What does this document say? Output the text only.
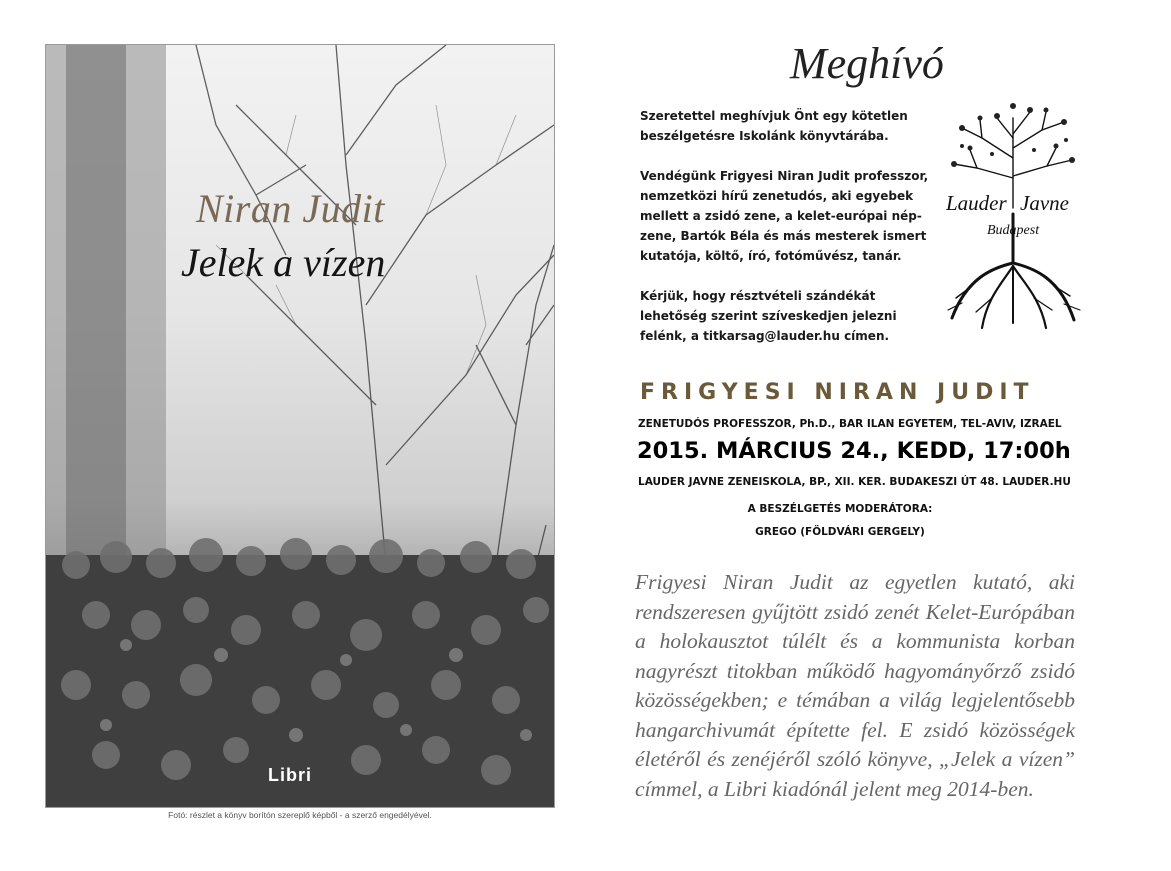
Niran Judit
Jelek a vízen
Libri
Fotó: részlet a könyv borítón szereplő képből - a szerző engedélyével.
Meghívó
Szeretettel meghívjuk Önt egy kötetlen beszélgetésre Iskolánk könyvtárába.
Vendégünk Frigyesi Niran Judit professzor, nemzetközi hírű zenetudós, aki egyebek mellett a zsidó zene, a kelet-európai nép-zene, Bartók Béla és más mesterek ismert kutatója, költő, író, fotóművész, tanár.
Kérjük, hogy résztvételi szándékát lehetőség szerint szíveskedjen jelezni felénk, a titkarsag@lauder.hu címen.
Lauder Javne
Budapest
FRIGYESI NIRAN JUDIT
ZENETUDÓS PROFESSZOR, Ph.D., BAR ILAN EGYETEM, TEL-AVIV, IZRAEL
2015. MÁRCIUS 24., KEDD, 17:00h
LAUDER JAVNE ZENEISKOLA, BP., XII. KER. BUDAKESZI ÚT 48. LAUDER.HU
A BESZÉLGETÉS MODERÁTORA:
GREGO (FÖLDVÁRI GERGELY)
Frigyesi Niran Judit az egyetlen kutató, aki rendszeresen gyűjtött zsidó zenét Kelet-Európában a holokausztot túlélt és a kommunista korban nagyrészt titokban működő hagyományőrző zsidó közösségekben; e témában a világ legjelentősebb hangarchivumát építette fel. E zsidó közösségek életéről és zenéjéről szóló könyve, „Jelek a vízen” címmel, a Libri kiadónál jelent meg 2014-ben.
